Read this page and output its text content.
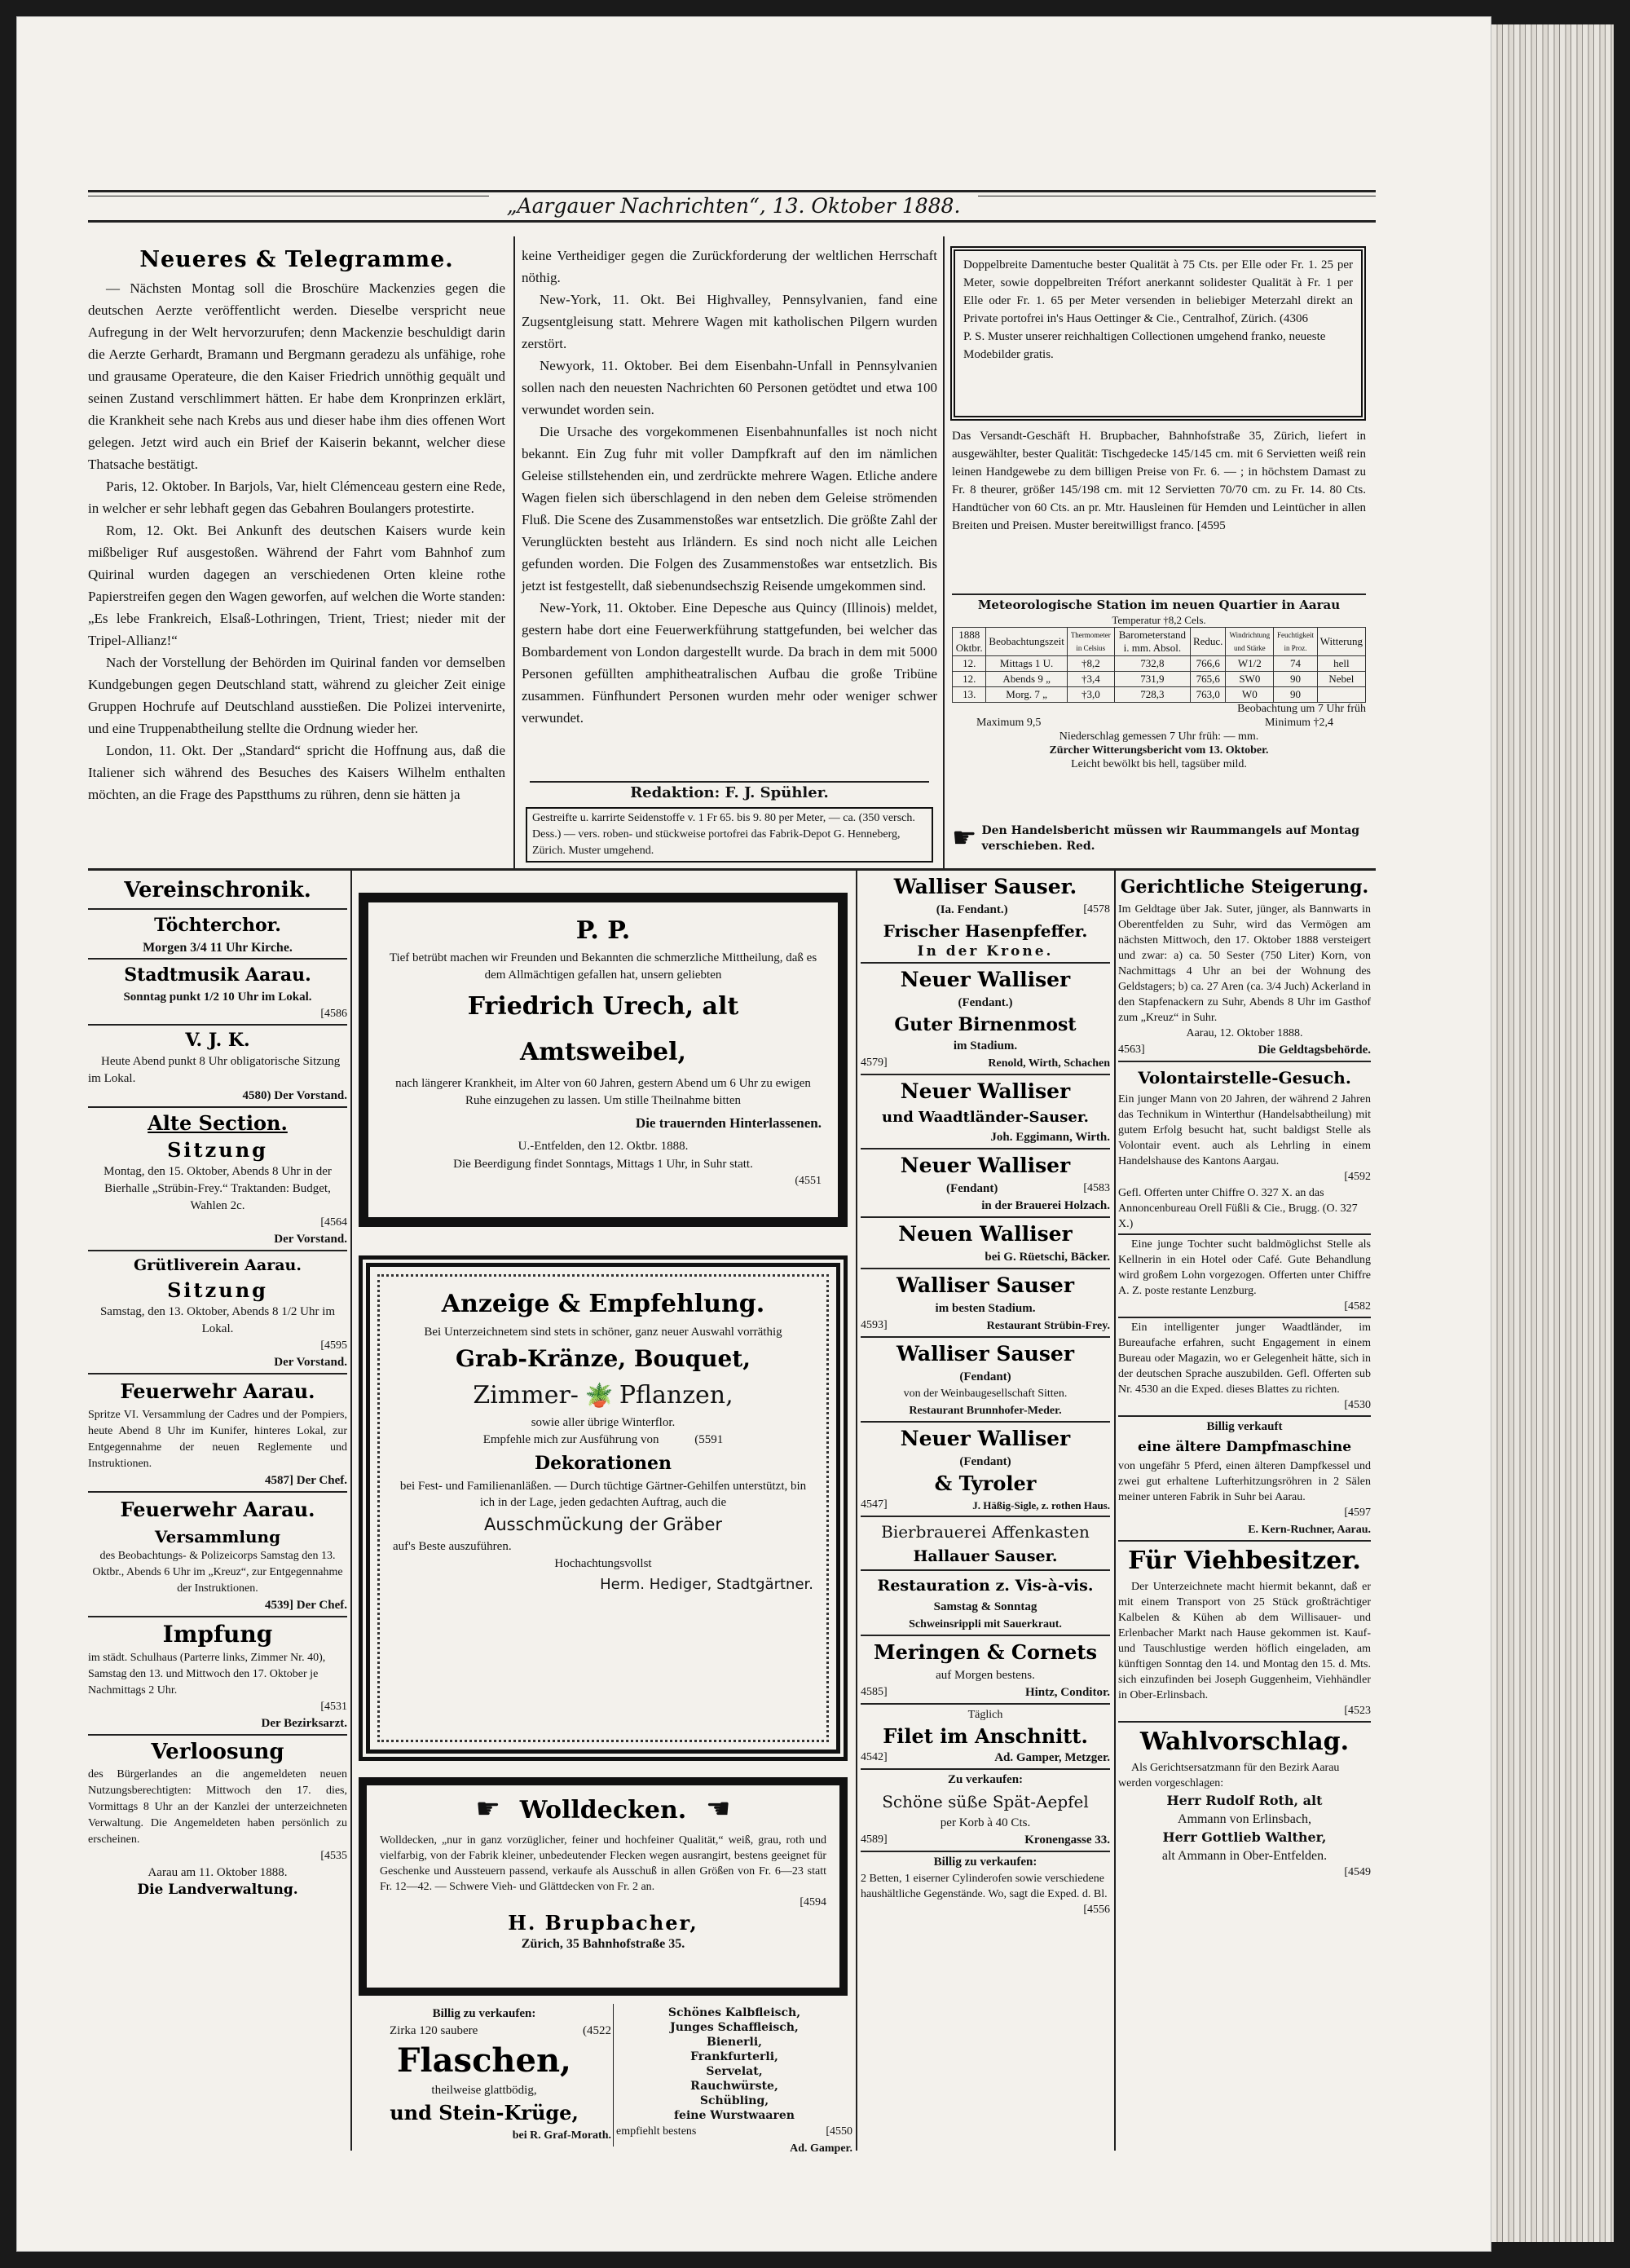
„Aargauer Nachrichten“, 13. Oktober 1888.
Neueres & Telegramme.

— Nächsten Montag soll die Broschüre Mackenzies gegen die deutschen Aerzte veröffentlicht werden. Dieselbe verspricht neue Aufregung in der Welt hervorzurufen; denn Mackenzie beschuldigt darin die Aerzte Gerhardt, Bramann und Bergmann geradezu als unfähige, rohe und grausame Operateure, die den Kaiser Friedrich unnöthig gequält und seinen Zustand verschlimmert hätten. Er habe dem Kronprinzen erklärt, die Krankheit sehe nach Krebs aus und dieser habe ihm dies offenen Wort gelegen. Jetzt wird auch ein Brief der Kaiserin bekannt, welcher diese Thatsache bestätigt.

Paris, 12. Oktober. In Barjols, Var, hielt Clémenceau gestern eine Rede, in welcher er sehr lebhaft gegen das Gebahren Boulangers protestirte.

Rom, 12. Okt. Bei Ankunft des deutschen Kaisers wurde kein mißbeliger Ruf ausgestoßen. Während der Fahrt vom Bahnhof zum Quirinal wurden dagegen an verschiedenen Orten kleine rothe Papierstreifen gegen den Wagen geworfen, auf welchen die Worte standen: „Es lebe Frankreich, Elsaß-Lothringen, Trient, Triest; nieder mit der Tripel-Allianz!“

Nach der Vorstellung der Behörden im Quirinal fanden vor demselben Kundgebungen gegen Deutschland statt, während zu gleicher Zeit einige Gruppen Hochrufe auf Deutschland ausstießen. Die Polizei intervenirte, und eine Truppenabtheilung stellte die Ordnung wieder her.

London, 11. Okt. Der „Standard“ spricht die Hoffnung aus, daß die Italiener sich während des Besuches des Kaisers Wilhelm enthalten möchten, an die Frage des Papstthums zu rühren, denn sie hätten ja

keine Vertheidiger gegen die Zurückforderung der weltlichen Herrschaft nöthig.

New-York, 11. Okt. Bei Highvalley, Pennsylvanien, fand eine Zugsentgleisung statt. Mehrere Wagen mit katholischen Pilgern wurden zerstört.

Newyork, 11. Oktober. Bei dem Eisenbahn-Unfall in Pennsylvanien sollen nach den neuesten Nachrichten 60 Personen getödtet und etwa 100 verwundet worden sein.

Die Ursache des vorgekommenen Eisenbahnunfalles ist noch nicht bekannt. Ein Zug fuhr mit voller Dampfkraft auf den im nämlichen Geleise stillstehenden ein, und zerdrückte mehrere Wagen. Etliche andere Wagen fielen sich überschlagend in den neben dem Geleise strömenden Fluß. Die Scene des Zusammenstoßes war entsetzlich. Die größte Zahl der Verunglückten besteht aus Irländern. Es sind noch nicht alle Leichen gefunden worden. Die Folgen des Zusammenstoßes war entsetzlich. Bis jetzt ist festgestellt, daß siebenundsechszig Reisende umgekommen sind.

New-York, 11. Oktober. Eine Depesche aus Quincy (Illinois) meldet, gestern habe dort eine Feuerwerkführung stattgefunden, bei welcher das Bombardement von London dargestellt wurde. Da brach in dem mit 5000 Personen gefüllten amphitheatralischen Aufbau die große Tribüne zusammen. Fünfhundert Personen wurden mehr oder weniger schwer verwundet.

Redaktion: F. J. Spühler.
Gestreifte u. karrirte Seidenstoffe v. 1 Fr 65. bis 9. 80 per Meter, — ca. (350 versch. Dess.) — vers. roben- und stückweise portofrei das Fabrik-Depot G. Henneberg, Zürich. Muster umgehend.
Doppelbreite Damentuche bester Qualität à 75 Cts. per Elle oder Fr. 1. 25 per Meter, sowie doppelbreiten Tréfort anerkannt solidester Qualität à Fr. 1 per Elle oder Fr. 1. 65 per Meter versenden in beliebiger Meterzahl direkt an Private portofrei in's Haus Oettinger & Cie., Centralhof, Zürich. (4306
P. S. Muster unserer reichhaltigen Collectionen umgehend franko, neueste Modebilder gratis.
Das Versandt-Geschäft H. Brupbacher, Bahnhofstraße 35, Zürich, liefert in ausgewählter, bester Qualität: Tischgedecke 145/145 cm. mit 6 Servietten weiß rein leinen Handgewebe zu dem billigen Preise von Fr. 6. — ; in höchstem Damast zu Fr. 8 theurer, größer 145/198 cm. mit 12 Servietten 70/70 cm. zu Fr. 14. 80 Cts. Handtücher von 60 Cts. an pr. Mtr. Hausleinen für Hemden und Leintücher in allen Breiten und Preisen. Muster bereitwilligst franco. [4595
Meteorologische Station im neuen Quartier in Aarau
Temperatur †8,2 Cels.
1888 Oktbr.	Beobachtungszeit	Thermometer in Celsius	Barometerstand i. mm. Absol.	Reduc.	Windrichtung und Stärke	Feuchtigkeit in Proz.	Witterung
12.	Mittags 1 U.	†8,2	732,8	766,6	W1/2	74	hell
12.	Abends 9 „	†3,4	731,9	765,6	SW0	90	Nebel
13.	Morg. 7 „	†3,0	728,3	763,0	W0	90	
Beobachtung um 7 Uhr früh
Maximum 9,5	Minimum †2,4
Niederschlag gemessen 7 Uhr früh: — mm.
Zürcher Witterungsbericht vom 13. Oktober.
Leicht bewölkt bis hell, tagsüber mild.
☛ Den Handelsbericht müssen wir Raummangels auf Montag verschieben. Red.
Vereinschronik.
Töchterchor.
Morgen 3/4 11 Uhr Kirche.
Stadtmusik Aarau.
Sonntag punkt 1/2 10 Uhr im Lokal.
[4586
V. J. K.
Heute Abend punkt 8 Uhr obligatorische Sitzung im Lokal.
4580) Der Vorstand.
Alte Section.
Sitzung
Montag, den 15. Oktober, Abends 8 Uhr in der Bierhalle „Strübin-Frey.“ Traktanden: Budget, Wahlen 2c.
[4564
Der Vorstand.
Grütliverein Aarau.
Sitzung
Samstag, den 13. Oktober, Abends 8 1/2 Uhr im Lokal.
[4595
Der Vorstand.
Feuerwehr Aarau.
Spritze VI. Versammlung der Cadres und der Pompiers, heute Abend 8 Uhr im Kunifer, hinteres Lokal, zur Entgegennahme der neuen Reglemente und Instruktionen.
4587] Der Chef.
Feuerwehr Aarau.
Versammlung
des Beobachtungs- & Polizeicorps Samstag den 13. Oktbr., Abends 6 Uhr im „Kreuz“, zur Entgegennahme der Instruktionen.
4539] Der Chef.
Impfung
im städt. Schulhaus (Parterre links, Zimmer Nr. 40), Samstag den 13. und Mittwoch den 17. Oktober je Nachmittags 2 Uhr.
[4531
Der Bezirksarzt.
Verloosung
des Bürgerlandes an die angemeldeten neuen Nutzungsberechtigten: Mittwoch den 17. dies, Vormittags 8 Uhr an der Kanzlei der unterzeichneten Verwaltung. Die Angemeldeten haben persönlich zu erscheinen.
[4535
Aarau am 11. Oktober 1888.
Die Landverwaltung.
P. P.
Tief betrübt machen wir Freunden und Bekannten die schmerzliche Mittheilung, daß es dem Allmächtigen gefallen hat, unsern geliebten
Friedrich Urech, alt Amtsweibel,
nach längerer Krankheit, im Alter von 60 Jahren, gestern Abend um 6 Uhr zu ewigen Ruhe einzugehen zu lassen. Um stille Theilnahme bitten
Die trauernden Hinterlassenen.
U.-Entfelden, den 12. Oktbr. 1888.
Die Beerdigung findet Sonntags, Mittags 1 Uhr, in Suhr statt.
(4551
Anzeige & Empfehlung.
Bei Unterzeichnetem sind stets in schöner, ganz neuer Auswahl vorräthig
Grab-Kränze, Bouquet,
Zimmer- 🪴 Pflanzen,
sowie aller übrige Winterflor.
Empfehle mich zur Ausführung von	(5591
Dekorationen
bei Fest- und Familienanläßen. — Durch tüchtige Gärtner-Gehilfen unterstützt, bin ich in der Lage, jeden gedachten Auftrag, auch die
Ausschmückung der Gräber
auf's Beste auszuführen.
Hochachtungsvollst
Herm. Hediger, Stadtgärtner.
☛ Wolldecken. ☛
Wolldecken, „nur in ganz vorzüglicher, feiner und hochfeiner Qualität,“ weiß, grau, roth und vielfarbig, von der Fabrik kleiner, unbedeutender Flecken wegen ausrangirt, bestens geeignet für Geschenke und Aussteuern passend, verkaufe als Ausschuß in allen Größen von Fr. 6—23 statt Fr. 12—42. — Schwere Vieh- und Glättdecken von Fr. 2 an.
[4594
H. Brupbacher,
Zürich, 35 Bahnhofstraße 35.
Billig zu verkaufen:
Zirka 120 saubere	(4522
Flaschen,
theilweise glattbödig,
und Stein-Krüge,
bei R. Graf-Morath.
Schönes Kalbfleisch,
Junges Schaffleisch,
Bienerli,
Frankfurterli,
Servelat,
Rauchwürste,
Schübling,
feine Wurstwaaren
empfiehlt bestens	[4550
Ad. Gamper.
Walliser Sauser.
(Ia. Fendant.)	[4578
Frischer Hasenpfeffer.
In der Krone.
Neuer Walliser
(Fendant.)
Guter Birnenmost
im Stadium.
4579]	Renold, Wirth, Schachen
Neuer Walliser
und Waadtländer-Sauser.
Joh. Eggimann, Wirth.
Neuer Walliser
(Fendant)	[4583
in der Brauerei Holzach.
Neuen Walliser
bei G. Rüetschi, Bäcker.
Walliser Sauser
im besten Stadium.
4593]	Restaurant Strübin-Frey.
Walliser Sauser
(Fendant)
von der Weinbaugesellschaft Sitten.
Restaurant Brunnhofer-Meder.
Neuer Walliser
(Fendant)
& Tyroler
4547]	J. Häßig-Sigle, z. rothen Haus.
Bierbrauerei Affenkasten
Hallauer Sauser.
Restauration z. Vis-à-vis.
Samstag & Sonntag
Schweinsrippli mit Sauerkraut.
Meringen & Cornets
auf Morgen bestens.
4585]	Hintz, Conditor.
Täglich
Filet im Anschnitt.
4542]	Ad. Gamper, Metzger.
Zu verkaufen:
Schöne süße Spät-Aepfel
per Korb à 40 Cts.
4589]	Kronengasse 33.
Billig zu verkaufen:
2 Betten, 1 eiserner Cylinderofen sowie verschiedene haushältliche Gegenstände. Wo, sagt die Exped. d. Bl.
[4556
Gerichtliche Steigerung.
Im Geldtage über Jak. Suter, jünger, als Bannwarts in Oberentfelden zu Suhr, wird das Vermögen am nächsten Mittwoch, den 17. Oktober 1888 versteigert und zwar: a) ca. 50 Sester (750 Liter) Korn, von Nachmittags 4 Uhr an bei der Wohnung des Geldstagers; b) ca. 27 Aren (ca. 3/4 Juch) Ackerland in den Stapfenackern zu Suhr, Abends 8 Uhr im Gasthof zum „Kreuz“ in Suhr.
Aarau, 12. Oktober 1888.
4563]	Die Geldtagsbehörde.
Volontairstelle-Gesuch.
Ein junger Mann von 20 Jahren, der während 2 Jahren das Technikum in Winterthur (Handelsabtheilung) mit gutem Erfolg besucht hat, sucht baldigst Stelle als Volontair event. auch als Lehrling in einem Handelshause des Kantons Aargau.
[4592
Gefl. Offerten unter Chiffre O. 327 X. an das Annoncenbureau Orell Füßli & Cie., Brugg. (O. 327 X.)
Eine junge Tochter sucht baldmöglichst Stelle als Kellnerin in ein Hotel oder Café. Gute Behandlung wird großem Lohn vorgezogen. Offerten unter Chiffre A. Z. poste restante Lenzburg.
[4582
Ein intelligenter junger Waadtländer, im Bureaufache erfahren, sucht Engagement in einem Bureau oder Magazin, wo er Gelegenheit hätte, sich in der deutschen Sprache auszubilden. Gefl. Offerten sub Nr. 4530 an die Exped. dieses Blattes zu richten.
[4530
Billig verkauft
eine ältere Dampfmaschine
von ungefähr 5 Pferd, einen älteren Dampfkessel und zwei gut erhaltene Lufterhitzungsröhren in 2 Sälen meiner unteren Fabrik in Suhr bei Aarau.
[4597
E. Kern-Ruchner, Aarau.
Für Viehbesitzer.
Der Unterzeichnete macht hiermit bekannt, daß er mit einem Transport von 25 Stück großträchtiger Kalbelen & Kühen ab dem Willisauer- und Erlenbacher Markt nach Hause gekommen ist. Kauf- und Tauschlustige werden höflich eingeladen, am künftigen Sonntag den 14. und Montag den 15. d. Mts. sich einzufinden bei Joseph Guggenheim, Viehhändler in Ober-Erlinsbach.
[4523
Wahlvorschlag.
Als Gerichtsersatzmann für den Bezirk Aarau werden vorgeschlagen:
Herr Rudolf Roth, alt
Ammann von Erlinsbach,
Herr Gottlieb Walther,
alt Ammann in Ober-Entfelden.
[4549
